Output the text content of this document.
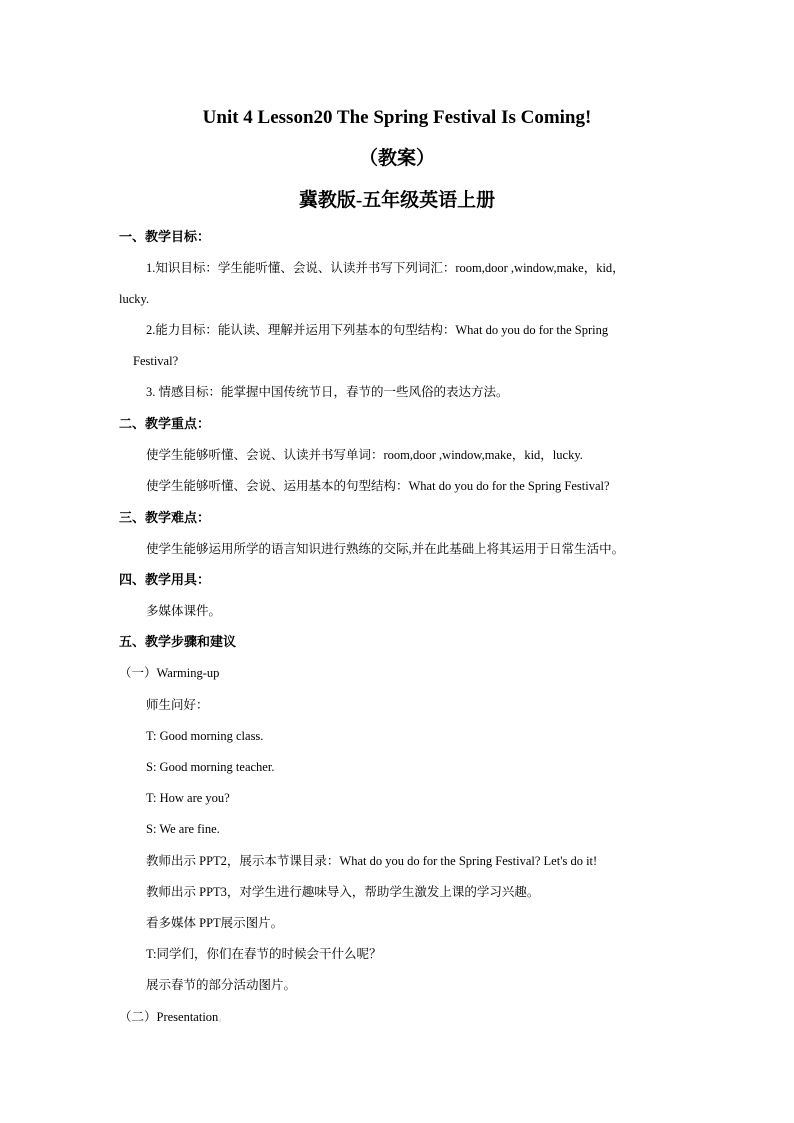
Unit 4 Lesson20 The Spring Festival Is Coming!
（教案）
冀教版-五年级英语上册
一、教学目标：
1.知识目标：学生能听懂、会说、认读并书写下列词汇：room,door ,window,make，kid，
lucky.
2.能力目标：能认读、理解并运用下列基本的句型结构：What do you do for the Spring
Festival?
3. 情感目标：能掌握中国传统节日，春节的一些风俗的表达方法。
二、教学重点：
使学生能够听懂、会说、认读并书写单词：room,door ,window,make，kid，lucky.
使学生能够听懂、会说、运用基本的句型结构：What do you do for the Spring Festival?
三、教学难点：
使学生能够运用所学的语言知识进行熟练的交际,并在此基础上将其运用于日常生活中。
四、教学用具：
多媒体课件。
五、教学步骤和建议
（一）Warming-up
师生问好：
T: Good morning class.
S: Good morning teacher.
T: How are you?
S: We are fine.
教师出示 PPT2，展示本节课目录：What do you do for the Spring Festival? Let's do it!
教师出示 PPT3，对学生进行趣味导入，帮助学生激发上课的学习兴趣。
看多媒体 PPT展示图片。
T:同学们，你们在春节的时候会干什么呢？
展示春节的部分活动图片。
（二）Presentation。
